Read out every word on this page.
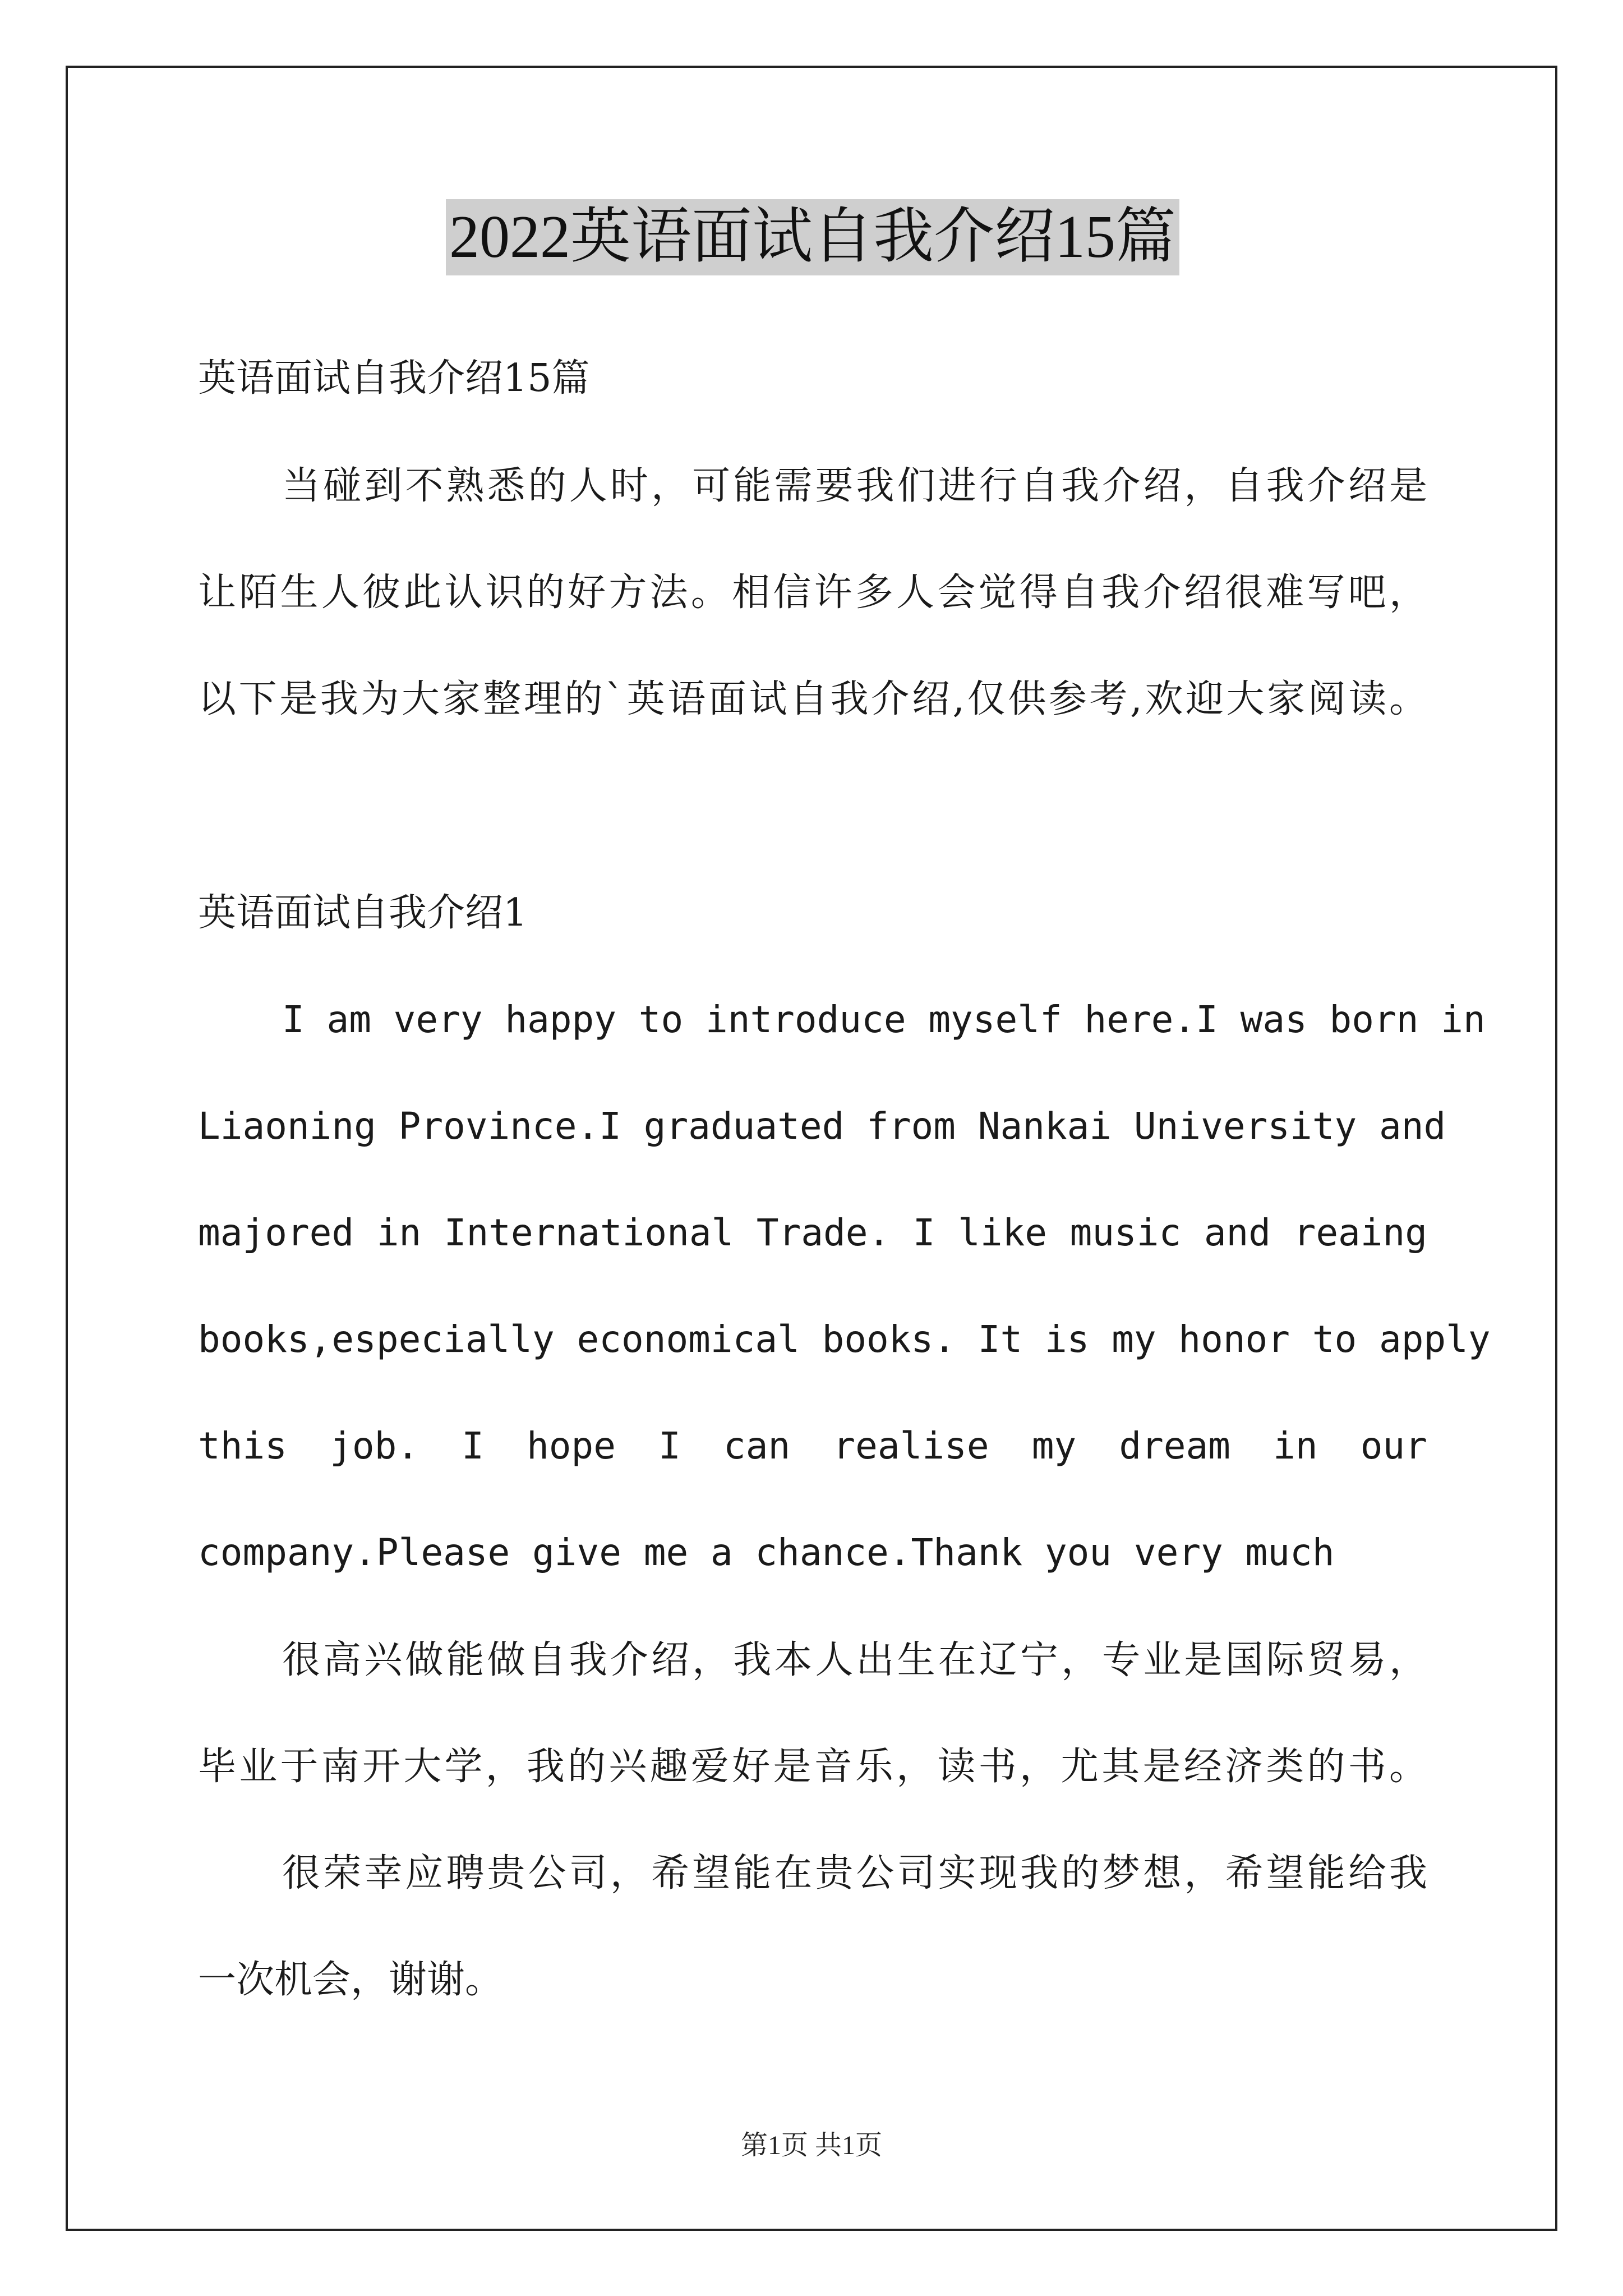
2022英语面试自我介绍15篇
英语面试自我介绍15篇
当碰到不熟悉的人时，可能需要我们进行自我介绍，自我介绍是
让陌生人彼此认识的好方法。相信许多人会觉得自我介绍很难写吧，
以下是我为大家整理的`英语面试自我介绍,仅供参考,欢迎大家阅读。
英语面试自我介绍1
I am very happy to introduce myself here.I was born in
Liaoning Province.I graduated from Nankai University and
majored in International Trade. I like music and reaing
books,especially economical books. It is my honor to apply
this job. I hope I can realise my dream in our
company.Please give me a chance.Thank you very much
很高兴做能做自我介绍，我本人出生在辽宁，专业是国际贸易，
毕业于南开大学，我的兴趣爱好是音乐，读书，尤其是经济类的书。
很荣幸应聘贵公司，希望能在贵公司实现我的梦想，希望能给我
一次机会，谢谢。
第1页 共1页
